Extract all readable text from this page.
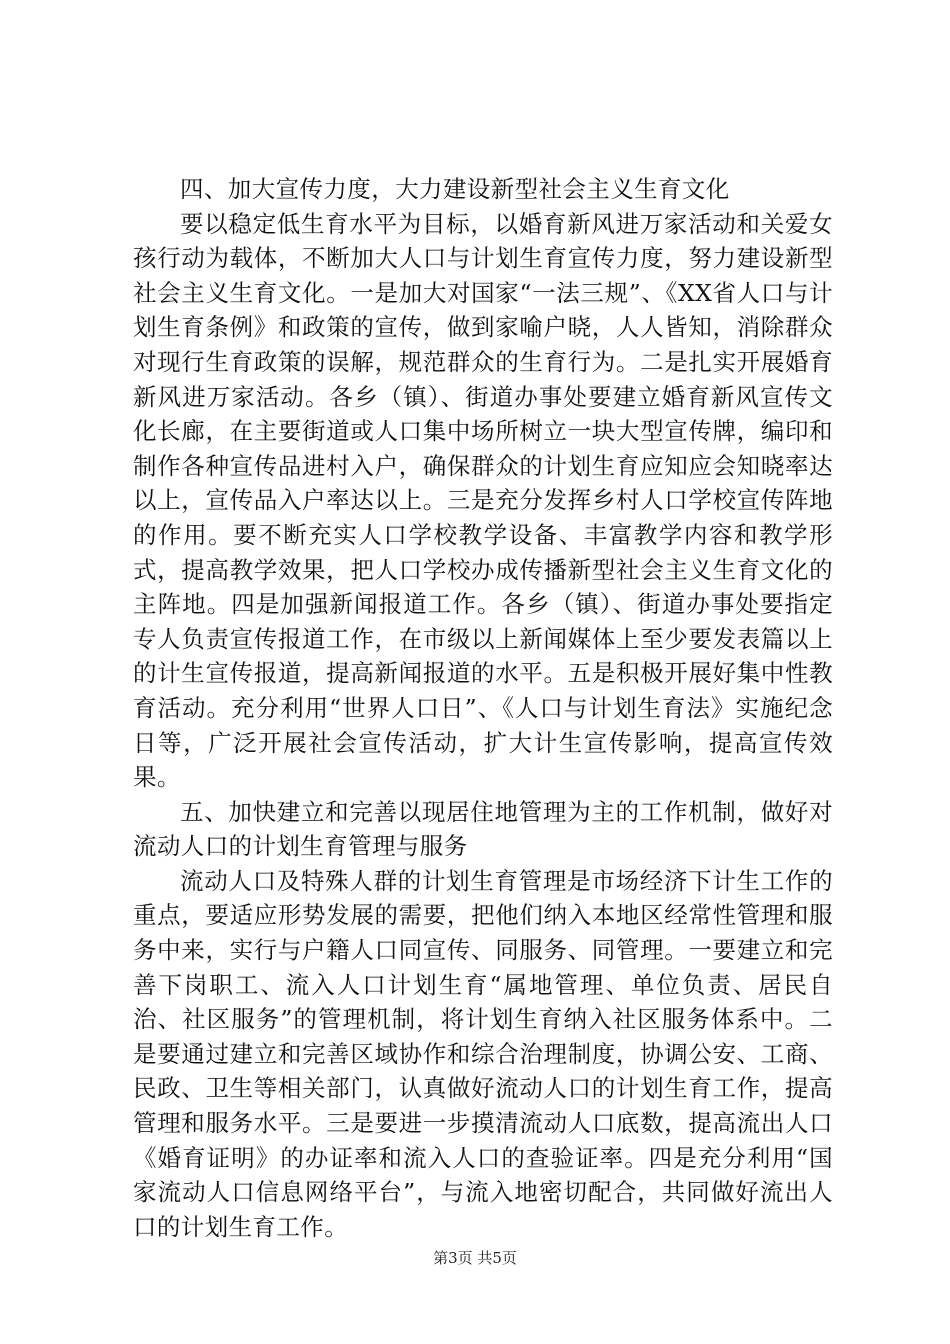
四、加大宣传力度，大力建设新型社会主义生育文化

要以稳定低生育水平为目标，以婚育新风进万家活动和关爱女孩行动为载体，不断加大人口与计划生育宣传力度，努力建设新型社会主义生育文化。一是加大对国家“一法三规”、《XX省人口与计划生育条例》和政策的宣传，做到家喻户晓，人人皆知，消除群众对现行生育政策的误解，规范群众的生育行为。二是扎实开展婚育新风进万家活动。各乡（镇）、街道办事处要建立婚育新风宣传文化长廊，在主要街道或人口集中场所树立一块大型宣传牌，编印和制作各种宣传品进村入户，确保群众的计划生育应知应会知晓率达以上，宣传品入户率达以上。三是充分发挥乡村人口学校宣传阵地的作用。要不断充实人口学校教学设备、丰富教学内容和教学形式，提高教学效果，把人口学校办成传播新型社会主义生育文化的主阵地。四是加强新闻报道工作。各乡（镇）、街道办事处要指定专人负责宣传报道工作，在市级以上新闻媒体上至少要发表篇以上的计生宣传报道，提高新闻报道的水平。五是积极开展好集中性教育活动。充分利用“世界人口日”、《人口与计划生育法》实施纪念日等，广泛开展社会宣传活动，扩大计生宣传影响，提高宣传效果。

五、加快建立和完善以现居住地管理为主的工作机制，做好对流动人口的计划生育管理与服务

流动人口及特殊人群的计划生育管理是市场经济下计生工作的重点，要适应形势发展的需要，把他们纳入本地区经常性管理和服务中来，实行与户籍人口同宣传、同服务、同管理。一要建立和完善下岗职工、流入人口计划生育“属地管理、单位负责、居民自治、社区服务”的管理机制，将计划生育纳入社区服务体系中。二是要通过建立和完善区域协作和综合治理制度，协调公安、工商、民政、卫生等相关部门，认真做好流动人口的计划生育工作，提高管理和服务水平。三是要进一步摸清流动人口底数，提高流出人口《婚育证明》的办证率和流入人口的查验证率。四是充分利用“国家流动人口信息网络平台”，与流入地密切配合，共同做好流出人口的计划生育工作。

第3页 共5页
